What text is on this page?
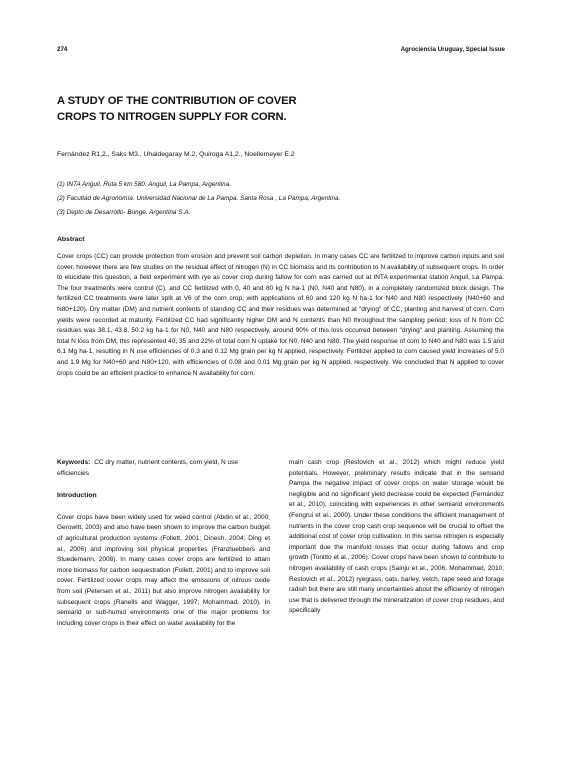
274	Agrociencia Uruguay, Special Issue
A STUDY OF THE CONTRIBUTION OF COVER
CROPS TO NITROGEN SUPPLY FOR CORN.
Fernández R1,2., Saks M3., Uhaldegaray M.2, Quiroga A1,2., Noellemeyer E.2
(1) INTA Anguil. Ruta 5 km 580. Anguil, La Pampa, Argentina.
(2) Facultad de Agronomía. Universidad Nacional de La Pampa. Santa Rosa , La Pampa, Argentina.
(3) Depto de Desarrollo- Bunge. Argentina S.A.
Abstract

Cover crops (CC) can provide protection from erosion and prevent soil carbon depletion. In many cases CC are fertilized to improve carbon inputs and soil cover, however there are few studies on the residual effect of nitrogen (N) in CC biomass and its contribution to N availability of subsequent crops. In order to elucidate this question, a field experiment with rye as cover crop during fallow for corn was carried out at INTA experimental station Anguil, La Pampa. The four treatments were control (C), and CC fertilized with 0, 40 and 80 kg N ha-1 (N0, N40 and N80), in a completely randomized block design. The fertilized CC treatments were later split at V6 of the corn crop, with applications of 60 and 120 kg N ha-1 for N40 and N80 respectively (N40+60 and N80+120). Dry matter (DM) and nutrient contents of standing CC and their residues was determined at "drying" of CC, planting and harvest of corn. Corn yields were recorded at maturity. Fertilized CC had significantly higher DM and N contents than N0 throughout the sampling period; loss of N from CC residues was 38.1, 43.8, 50.2 kg ha-1 for N0, N40 and N80 respectively, around 90% of this loss occurred between "drying" and planting. Assuming the total N loss from DM, this represented 40, 35 and 22% of total corn N uptake for N0, N40 and N80. The yield response of corn to N40 and N80 was 1.5 and 6.1 Mg ha-1, resulting in N use efficiencies of 0.3 and 0.12 Mg grain per kg N applied, respectively. Fertilizer applied to corn caused yield increases of 5.0 and 1.9 Mg for N40+60 and N80+120, with efficiencies of 0.08 and 0.01 Mg grain per kg N applied, respectively. We concluded that N applied to cover crops could be an efficient practice to enhance N availability for corn.

Keywords: CC dry matter, nutrient contents, corn yield, N use efficiencies

Introduction

Cover crops have been widely used for weed control (Abdin et al., 2000; Gerowitt, 2003) and also have been shown to improve the carbon budget of agricultural production systems (Follett, 2001; Dinesh, 2004; Ding et al., 2006) and improving soil physical properties (Franzluebbers and Stuedemann, 2008). In many cases cover crops are fertilized to attain more biomass for carbon sequestration (Follett, 2001) and to improve soil cover. Fertilized cover crops may affect the emissions of nitrous oxide from soil (Petersen et al., 2011) but also improve nitrogen availability for subsequent crops (Ranells and Wagger, 1997; Mohammad, 2010). In semiarid or sub-humid environments one of the major problems for including cover crops is their effect on water availability for the

main cash crop (Restovich et al., 2012) which might reduce yield potentials. However, preliminary results indicate that in the semiarid Pampa the negative impact of cover crops on water storage would be negligible and no significant yield decrease could be expected (Fernández et al., 2010), coinciding with experiences in other semiarid environments (Fengrui et al., 2000). Under these conditions the efficient management of nutrients in the cover crop cash crop sequence will be crucial to offset the additional cost of cover crop cultivation. In this sense nitrogen is especially important due the manifold losses that occur during fallows and crop growth (Tonitto et al., 2006). Cover crops have been shown to contribute to nitrogen availability of cash crops (Sainju et al., 2006; Mohammad, 2010; Restovich et al., 2012) ryegrass, oats, barley, vetch, rape seed and forage radish but there are still many uncertainties about the efficiency of nitrogen use that is delivered through the mineralization of cover crop residues, and specifically
